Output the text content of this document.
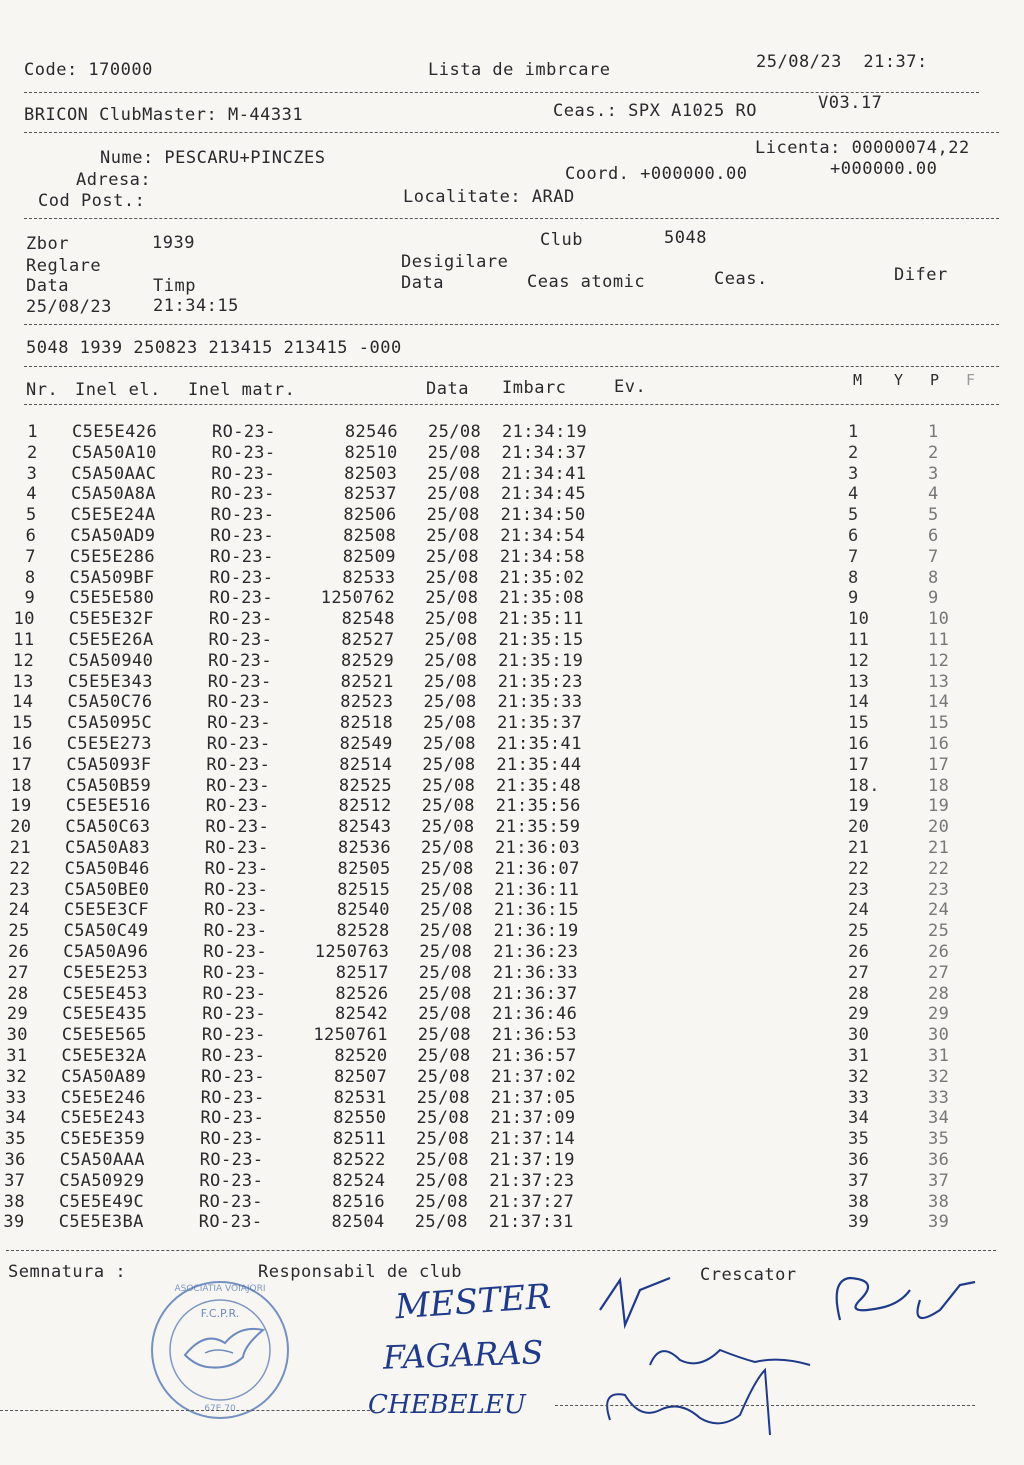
Code: 170000	Lista de imbrcare	25/08/23  21:37:
BRICON ClubMaster: M-44331	Ceas.: SPX A1025 RO	V03.17
Licenta: 00000074,22
Nume: PESCARU+PINCZES
Coord. +000000.00	+000000.00
Adresa:
Cod Post.:	Localitate: ARAD
Zbor	1939	Club	5048
Reglare	Desigilare
Data	Timp	Data	Ceas atomic	Ceas.	Difer
25/08/23 21:34:15
5048 1939 250823 213415 213415 -000
Nr. Inel el. Inel matr.	Data Imbarc	Ev.	M Y P F
1 C5E5E426	RO-23-	82546 25/08 21:34:19	1	1
2 C5A50A10	RO-23-	82510 25/08 21:34:37	2	2
3 C5A50AAC	RO-23-	82503 25/08 21:34:41	3	3
4 C5A50A8A	RO-23-	82537 25/08 21:34:45	4	4
5 C5E5E24A	RO-23-	82506 25/08 21:34:50	5	5
6 C5A50AD9	RO-23-	82508 25/08 21:34:54	6	6
7 C5E5E286	RO-23-	82509 25/08 21:34:58	7	7
8 C5A509BF	RO-23-	82533 25/08 21:35:02	8	8
9 C5E5E580	RO-23-	1250762 25/08 21:35:08	9	9
10 C5E5E32F	RO-23-	82548 25/08 21:35:11	10	10
11 C5E5E26A	RO-23-	82527 25/08 21:35:15	11	11
12 C5A50940	RO-23-	82529 25/08 21:35:19	12	12
13 C5E5E343	RO-23-	82521 25/08 21:35:23	13	13
14 C5A50C76	RO-23-	82523 25/08 21:35:33	14	14
15 C5A5095C	RO-23-	82518 25/08 21:35:37	15	15
16 C5E5E273	RO-23-	82549 25/08 21:35:41	16	16
17 C5A5093F	RO-23-	82514 25/08 21:35:44	17	17
18 C5A50B59	RO-23-	82525 25/08 21:35:48	18.	18
19 C5E5E516	RO-23-	82512 25/08 21:35:56	19	19
20 C5A50C63	RO-23-	82543 25/08 21:35:59	20	20
21 C5A50A83	RO-23-	82536 25/08 21:36:03	21	21
22 C5A50B46	RO-23-	82505 25/08 21:36:07	22	22
23 C5A50BE0	RO-23-	82515 25/08 21:36:11	23	23
24 C5E5E3CF	RO-23-	82540 25/08 21:36:15	24	24
25 C5A50C49	RO-23-	82528 25/08 21:36:19	25	25
26 C5A50A96	RO-23-	1250763 25/08 21:36:23	26	26
27 C5E5E253	RO-23-	82517 25/08 21:36:33	27	27
28 C5E5E453	RO-23-	82526 25/08 21:36:37	28	28
29 C5E5E435	RO-23-	82542 25/08 21:36:46	29	29
30 C5E5E565	RO-23-	1250761 25/08 21:36:53	30	30
31 C5E5E32A	RO-23-	82520 25/08 21:36:57	31	31
32 C5A50A89	RO-23-	82507 25/08 21:37:02	32	32
33 C5E5E246	RO-23-	82531 25/08 21:37:05	33	33
34 C5E5E243	RO-23-	82550 25/08 21:37:09	34	34
35 C5E5E359	RO-23-	82511 25/08 21:37:14	35	35
36 C5A50AAA	RO-23-	82522 25/08 21:37:19	36	36
37 C5A50929	RO-23-	82524 25/08 21:37:23	37	37
38 C5E5E49C	RO-23-	82516 25/08 21:37:27	38	38
39 C5E5E3BA	RO-23-	82504 25/08 21:37:31	39	39
Semnatura :	Responsabil de club	Crescator
F.C.P.R.
ASOCIATIA VOIAJORI
67E 70
MESTER
FAGARAS
CHEBELEU
